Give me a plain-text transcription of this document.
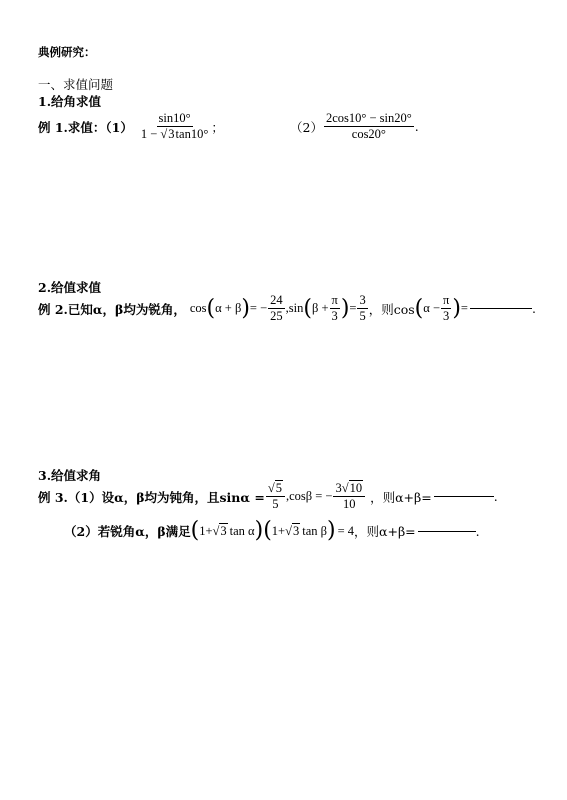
典例研究：
一、求值问题
1.给角求值
例 1.求值：$(1) \frac{\sin 10^\circ}{1 - √3\tan 10^\circ}$ ；	$(2) \frac{2\cos 10^\circ - \sin 20^\circ}{\cos 20^\circ}$ .
2.给值求值
例 2.已知α，β均为锐角， cos ( α + β ) = − $\frac{24}{25} ,\sin$ ( $\beta + \frac{\pi}{3}$ ) = $\frac{3}{5}$ ，则cos ( $\alpha - \frac{\pi}{3}$ ) =	.
3.给值求角
例 3.（1）设α，β均为钝角，且$\sin\alpha = \frac{√5}{5} ,\cos\beta$ = − $\frac{3√10}{10}$ ，则α+β=	.
（2）若锐角α，β满足 ( 1+ √3 tan α ) ( 1+ √3 tan β ) = 4 ，则α+β=	.
